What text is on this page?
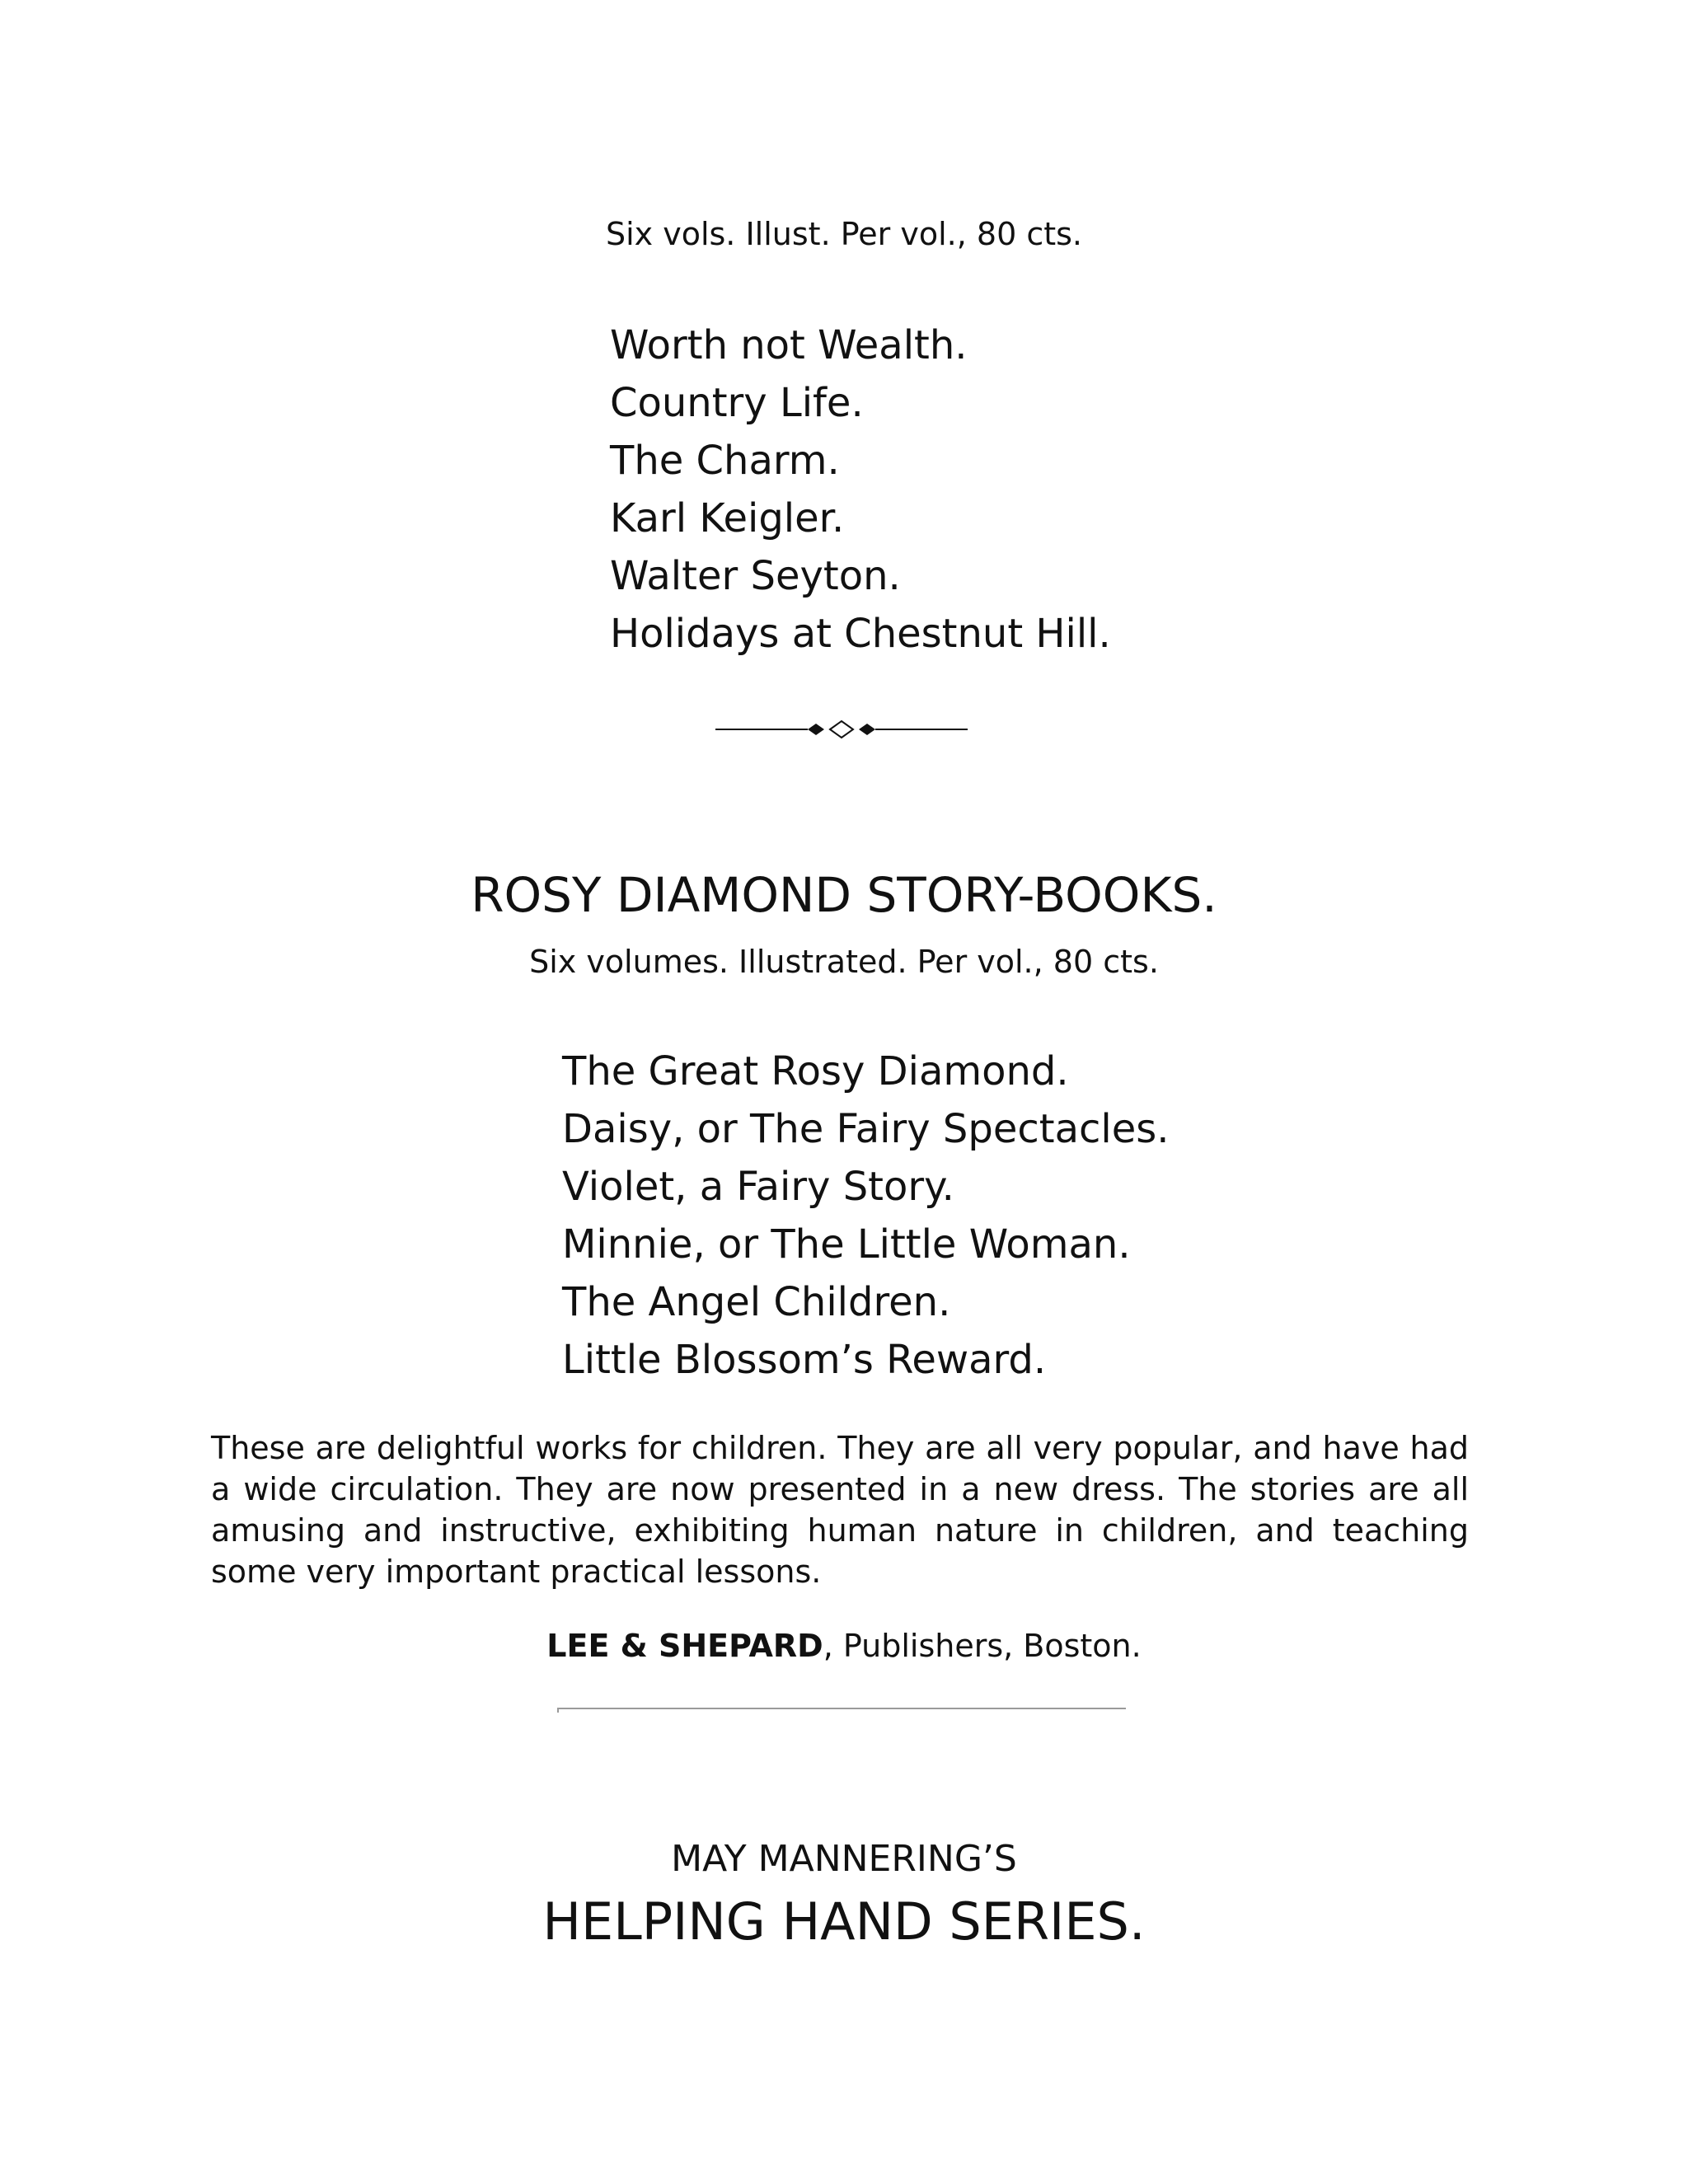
Six vols. Illust. Per vol., 80 cts.
Worth not Wealth.
Country Life.
The Charm.
Karl Keigler.
Walter Seyton.
Holidays at Chestnut Hill.
ROSY DIAMOND STORY-BOOKS.
Six volumes. Illustrated. Per vol., 80 cts.
The Great Rosy Diamond.
Daisy, or The Fairy Spectacles.
Violet, a Fairy Story.
Minnie, or The Little Woman.
The Angel Children.
Little Blossom’s Reward.

These are delightful works for children. They are all very popular, and have had a wide circulation. They are now presented in a new dress. The stories are all amusing and instructive, exhibiting human nature in children, and teaching some very important practical lessons.

LEE & SHEPARD, Publishers, Boston.
MAY MANNERING’S
HELPING HAND SERIES.
